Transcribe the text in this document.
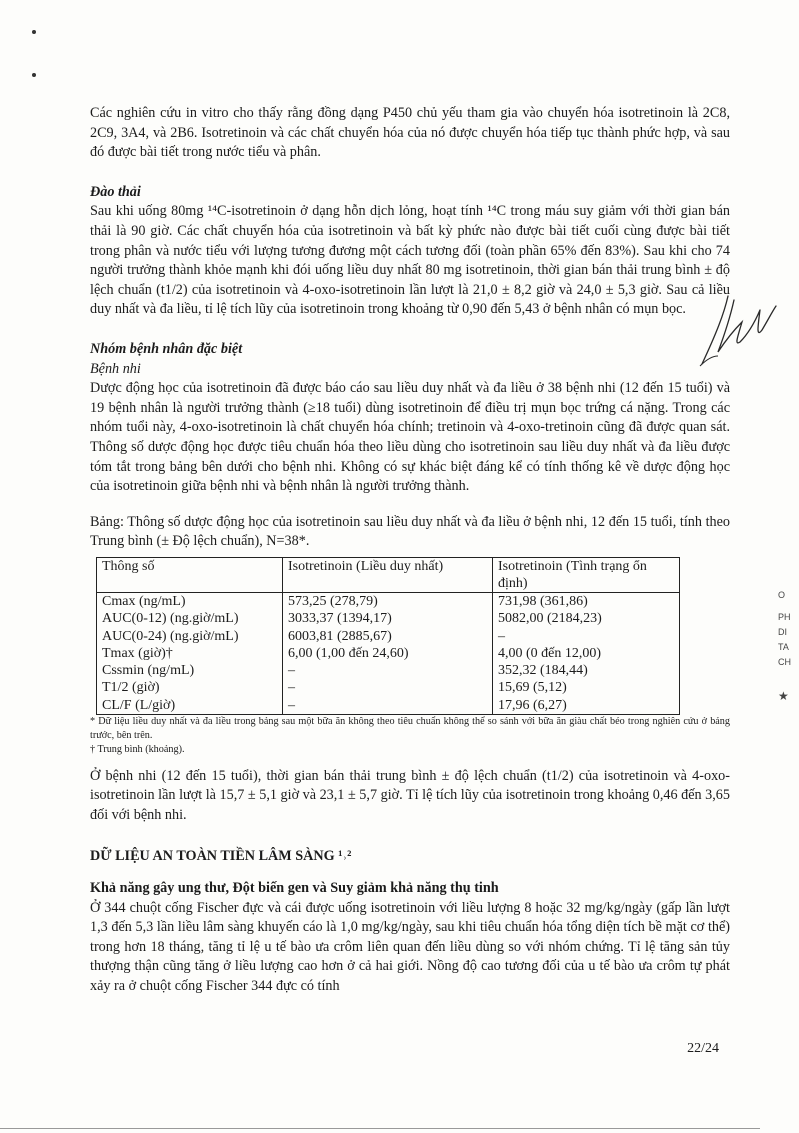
Các nghiên cứu in vitro cho thấy rằng đồng dạng P450 chủ yếu tham gia vào chuyển hóa isotretinoin là 2C8, 2C9, 3A4, và 2B6. Isotretinoin và các chất chuyển hóa của nó được chuyển hóa tiếp tục thành phức hợp, và sau đó được bài tiết trong nước tiểu và phân.

Đào thải

Sau khi uống 80mg ¹⁴C-isotretinoin ở dạng hỗn dịch lỏng, hoạt tính ¹⁴C trong máu suy giảm với thời gian bán thải là 90 giờ. Các chất chuyển hóa của isotretinoin và bất kỳ phức nào được bài tiết cuối cùng được bài tiết trong phân và nước tiểu với lượng tương đương một cách tương đối (toàn phần 65% đến 83%). Sau khi cho 74 người trưởng thành khỏe mạnh khi đói uống liều duy nhất 80 mg isotretinoin, thời gian bán thải trung bình ± độ lệch chuẩn (t1/2) của isotretinoin và 4-oxo-isotretinoin lần lượt là 21,0 ± 8,2 giờ và 24,0 ± 5,3 giờ. Sau cả liều duy nhất và đa liều, tỉ lệ tích lũy của isotretinoin trong khoảng từ 0,90 đến 5,43 ở bệnh nhân có mụn bọc.

Nhóm bệnh nhân đặc biệt

Bệnh nhi

Dược động học của isotretinoin đã được báo cáo sau liều duy nhất và đa liều ở 38 bệnh nhi (12 đến 15 tuổi) và 19 bệnh nhân là người trưởng thành (≥18 tuổi) dùng isotretinoin để điều trị mụn bọc trứng cá nặng. Trong các nhóm tuổi này, 4-oxo-isotretinoin là chất chuyển hóa chính; tretinoin và 4-oxo-tretinoin cũng đã được quan sát. Thông số dược động học được tiêu chuẩn hóa theo liều dùng cho isotretinoin sau liều duy nhất và đa liều được tóm tắt trong bảng bên dưới cho bệnh nhi. Không có sự khác biệt đáng kể có tính thống kê về dược động học của isotretinoin giữa bệnh nhi và bệnh nhân là người trưởng thành.

Bảng: Thông số dược động học của isotretinoin sau liều duy nhất và đa liều ở bệnh nhi, 12 đến 15 tuổi, tính theo Trung bình (± Độ lệch chuẩn), N=38*.

Thông số	Isotretinoin (Liều duy nhất)	Isotretinoin (Tình trạng ổn định)
Cmax (ng/mL)	573,25 (278,79)	731,98 (361,86)
AUC(0-12) (ng.giờ/mL)	3033,37 (1394,17)	5082,00 (2184,23)
AUC(0-24) (ng.giờ/mL)	6003,81 (2885,67)	–
Tmax (giờ)†	6,00 (1,00 đến 24,60)	4,00 (0 đến 12,00)
Cssmin (ng/mL)	–	352,32 (184,44)
T1/2 (giờ)	–	15,69 (5,12)
CL/F (L/giờ)	–	17,96 (6,27)

* Dữ liệu liều duy nhất và đa liều trong bảng sau một bữa ăn không theo tiêu chuẩn không thể so sánh với bữa ăn giàu chất béo trong nghiên cứu ở bảng trước, bên trên.

† Trung bình (khoảng).

Ở bệnh nhi (12 đến 15 tuổi), thời gian bán thải trung bình ± độ lệch chuẩn (t1/2) của isotretinoin và 4-oxo-isotretinoin lần lượt là 15,7 ± 5,1 giờ và 23,1 ± 5,7 giờ. Tỉ lệ tích lũy của isotretinoin trong khoảng 0,46 đến 3,65 đối với bệnh nhi.

DỮ LIỆU AN TOÀN TIỀN LÂM SÀNG ¹˒²

Khả năng gây ung thư, Đột biến gen và Suy giảm khả năng thụ tinh

Ở 344 chuột cống Fischer đực và cái được uống isotretinoin với liều lượng 8 hoặc 32 mg/kg/ngày (gấp lần lượt 1,3 đến 5,3 lần liều lâm sàng khuyến cáo là 1,0 mg/kg/ngày, sau khi tiêu chuẩn hóa tổng diện tích bề mặt cơ thể) trong hơn 18 tháng, tăng tỉ lệ u tế bào ưa crôm liên quan đến liều dùng so với nhóm chứng. Tỉ lệ tăng sản tủy thượng thận cũng tăng ở liều lượng cao hơn ở cả hai giới. Nồng độ cao tương đối của u tế bào ưa crôm tự phát xảy ra ở chuột cống Fischer 344 đực có tính

O
PH
DI
TA
CH
★
22/24
